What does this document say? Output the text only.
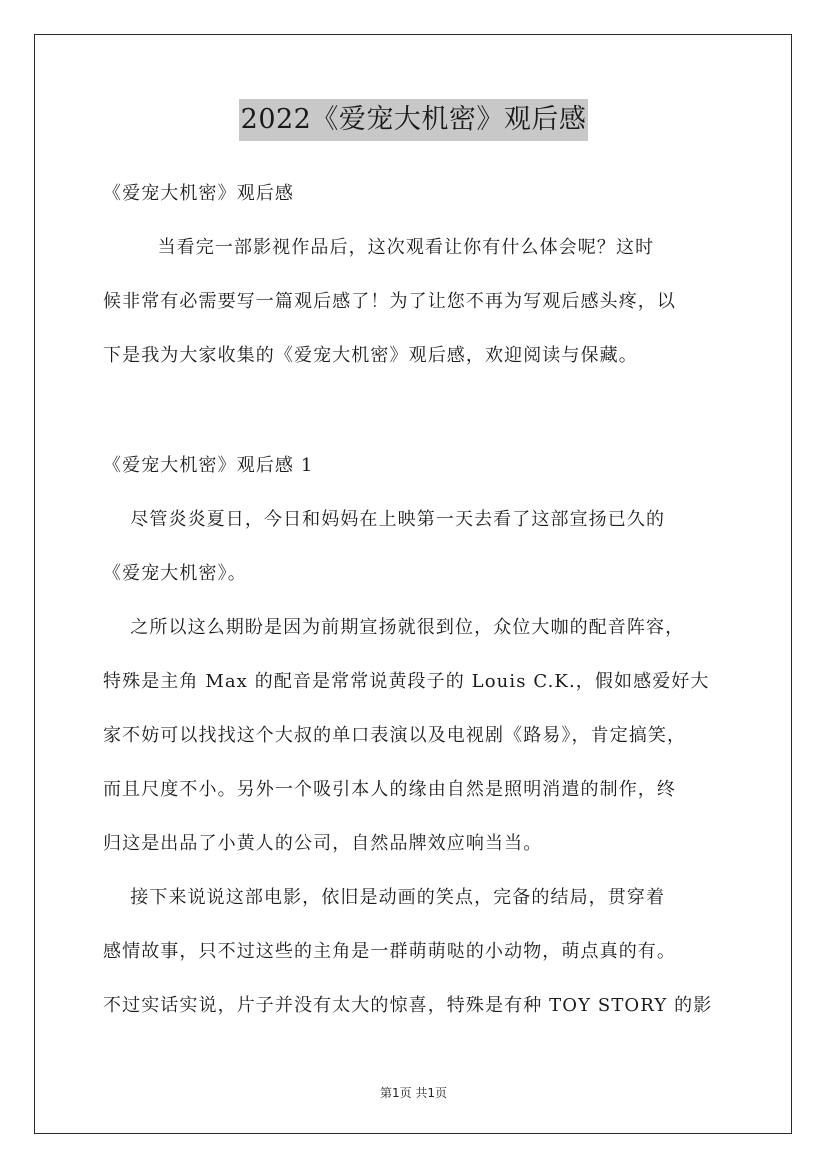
2022《爱宠大机密》观后感
《爱宠大机密》观后感
当看完一部影视作品后，这次观看让你有什么体会呢？这时
候非常有必需要写一篇观后感了！为了让您不再为写观后感头疼，以
下是我为大家收集的《爱宠大机密》观后感，欢迎阅读与保藏。
《爱宠大机密》观后感 1
尽管炎炎夏日，今日和妈妈在上映第一天去看了这部宣扬已久的
《爱宠大机密》。
之所以这么期盼是因为前期宣扬就很到位，众位大咖的配音阵容，
特殊是主角 Max 的配音是常常说黄段子的 Louis C.K.，假如感爱好大
家不妨可以找找这个大叔的单口表演以及电视剧《路易》，肯定搞笑，
而且尺度不小。另外一个吸引本人的缘由自然是照明消遣的制作，终
归这是出品了小黄人的公司，自然品牌效应响当当。
接下来说说这部电影，依旧是动画的笑点，完备的结局，贯穿着
感情故事，只不过这些的主角是一群萌萌哒的小动物，萌点真的有。
不过实话实说，片子并没有太大的惊喜，特殊是有种 TOY STORY 的影
第1页 共1页
